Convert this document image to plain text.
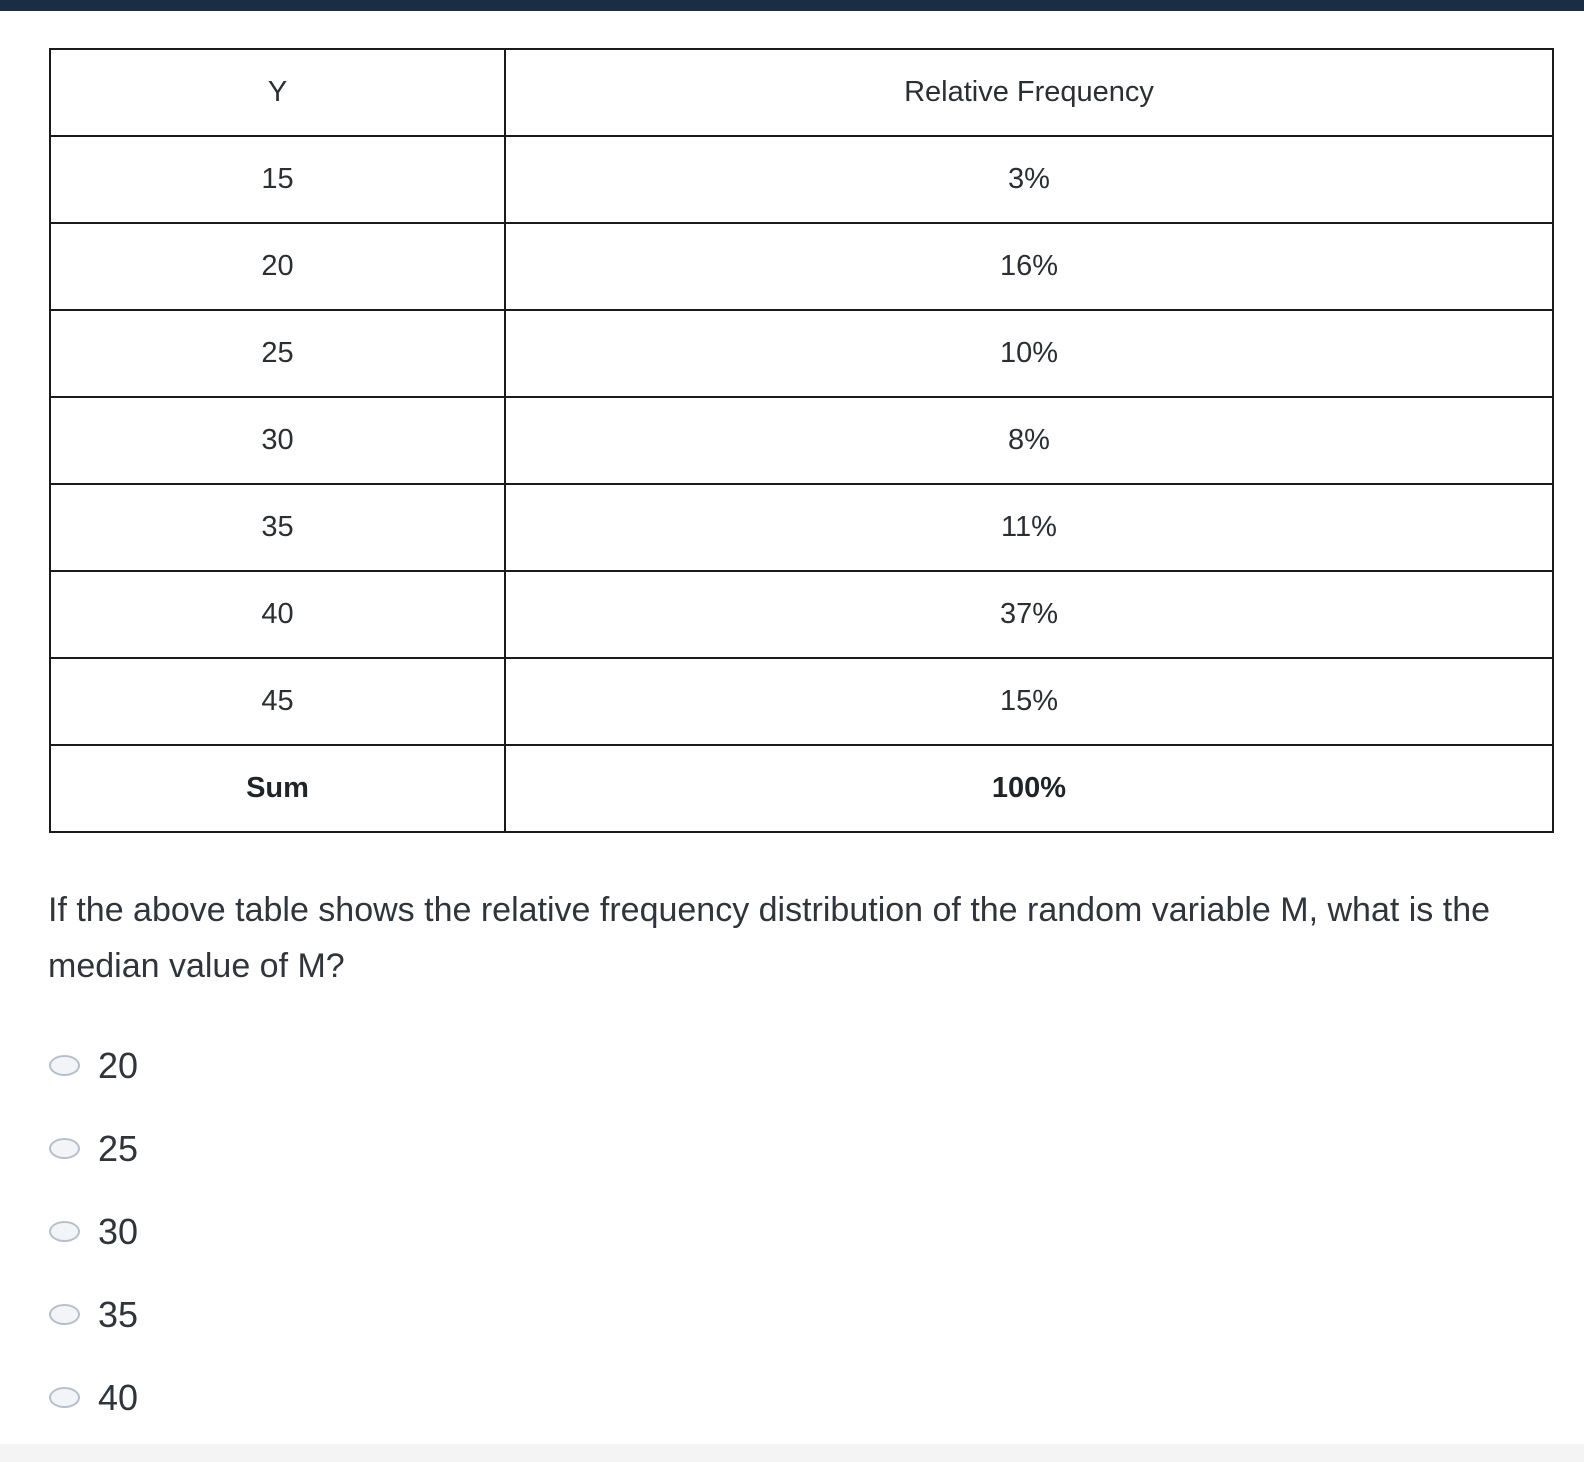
Y	Relative Frequency
15	3%
20	16%
25	10%
30	8%
35	11%
40	37%
45	15%
Sum	100%
If the above table shows the relative frequency distribution of the random variable M, what is the median value of M?
20
25
30
35
40
